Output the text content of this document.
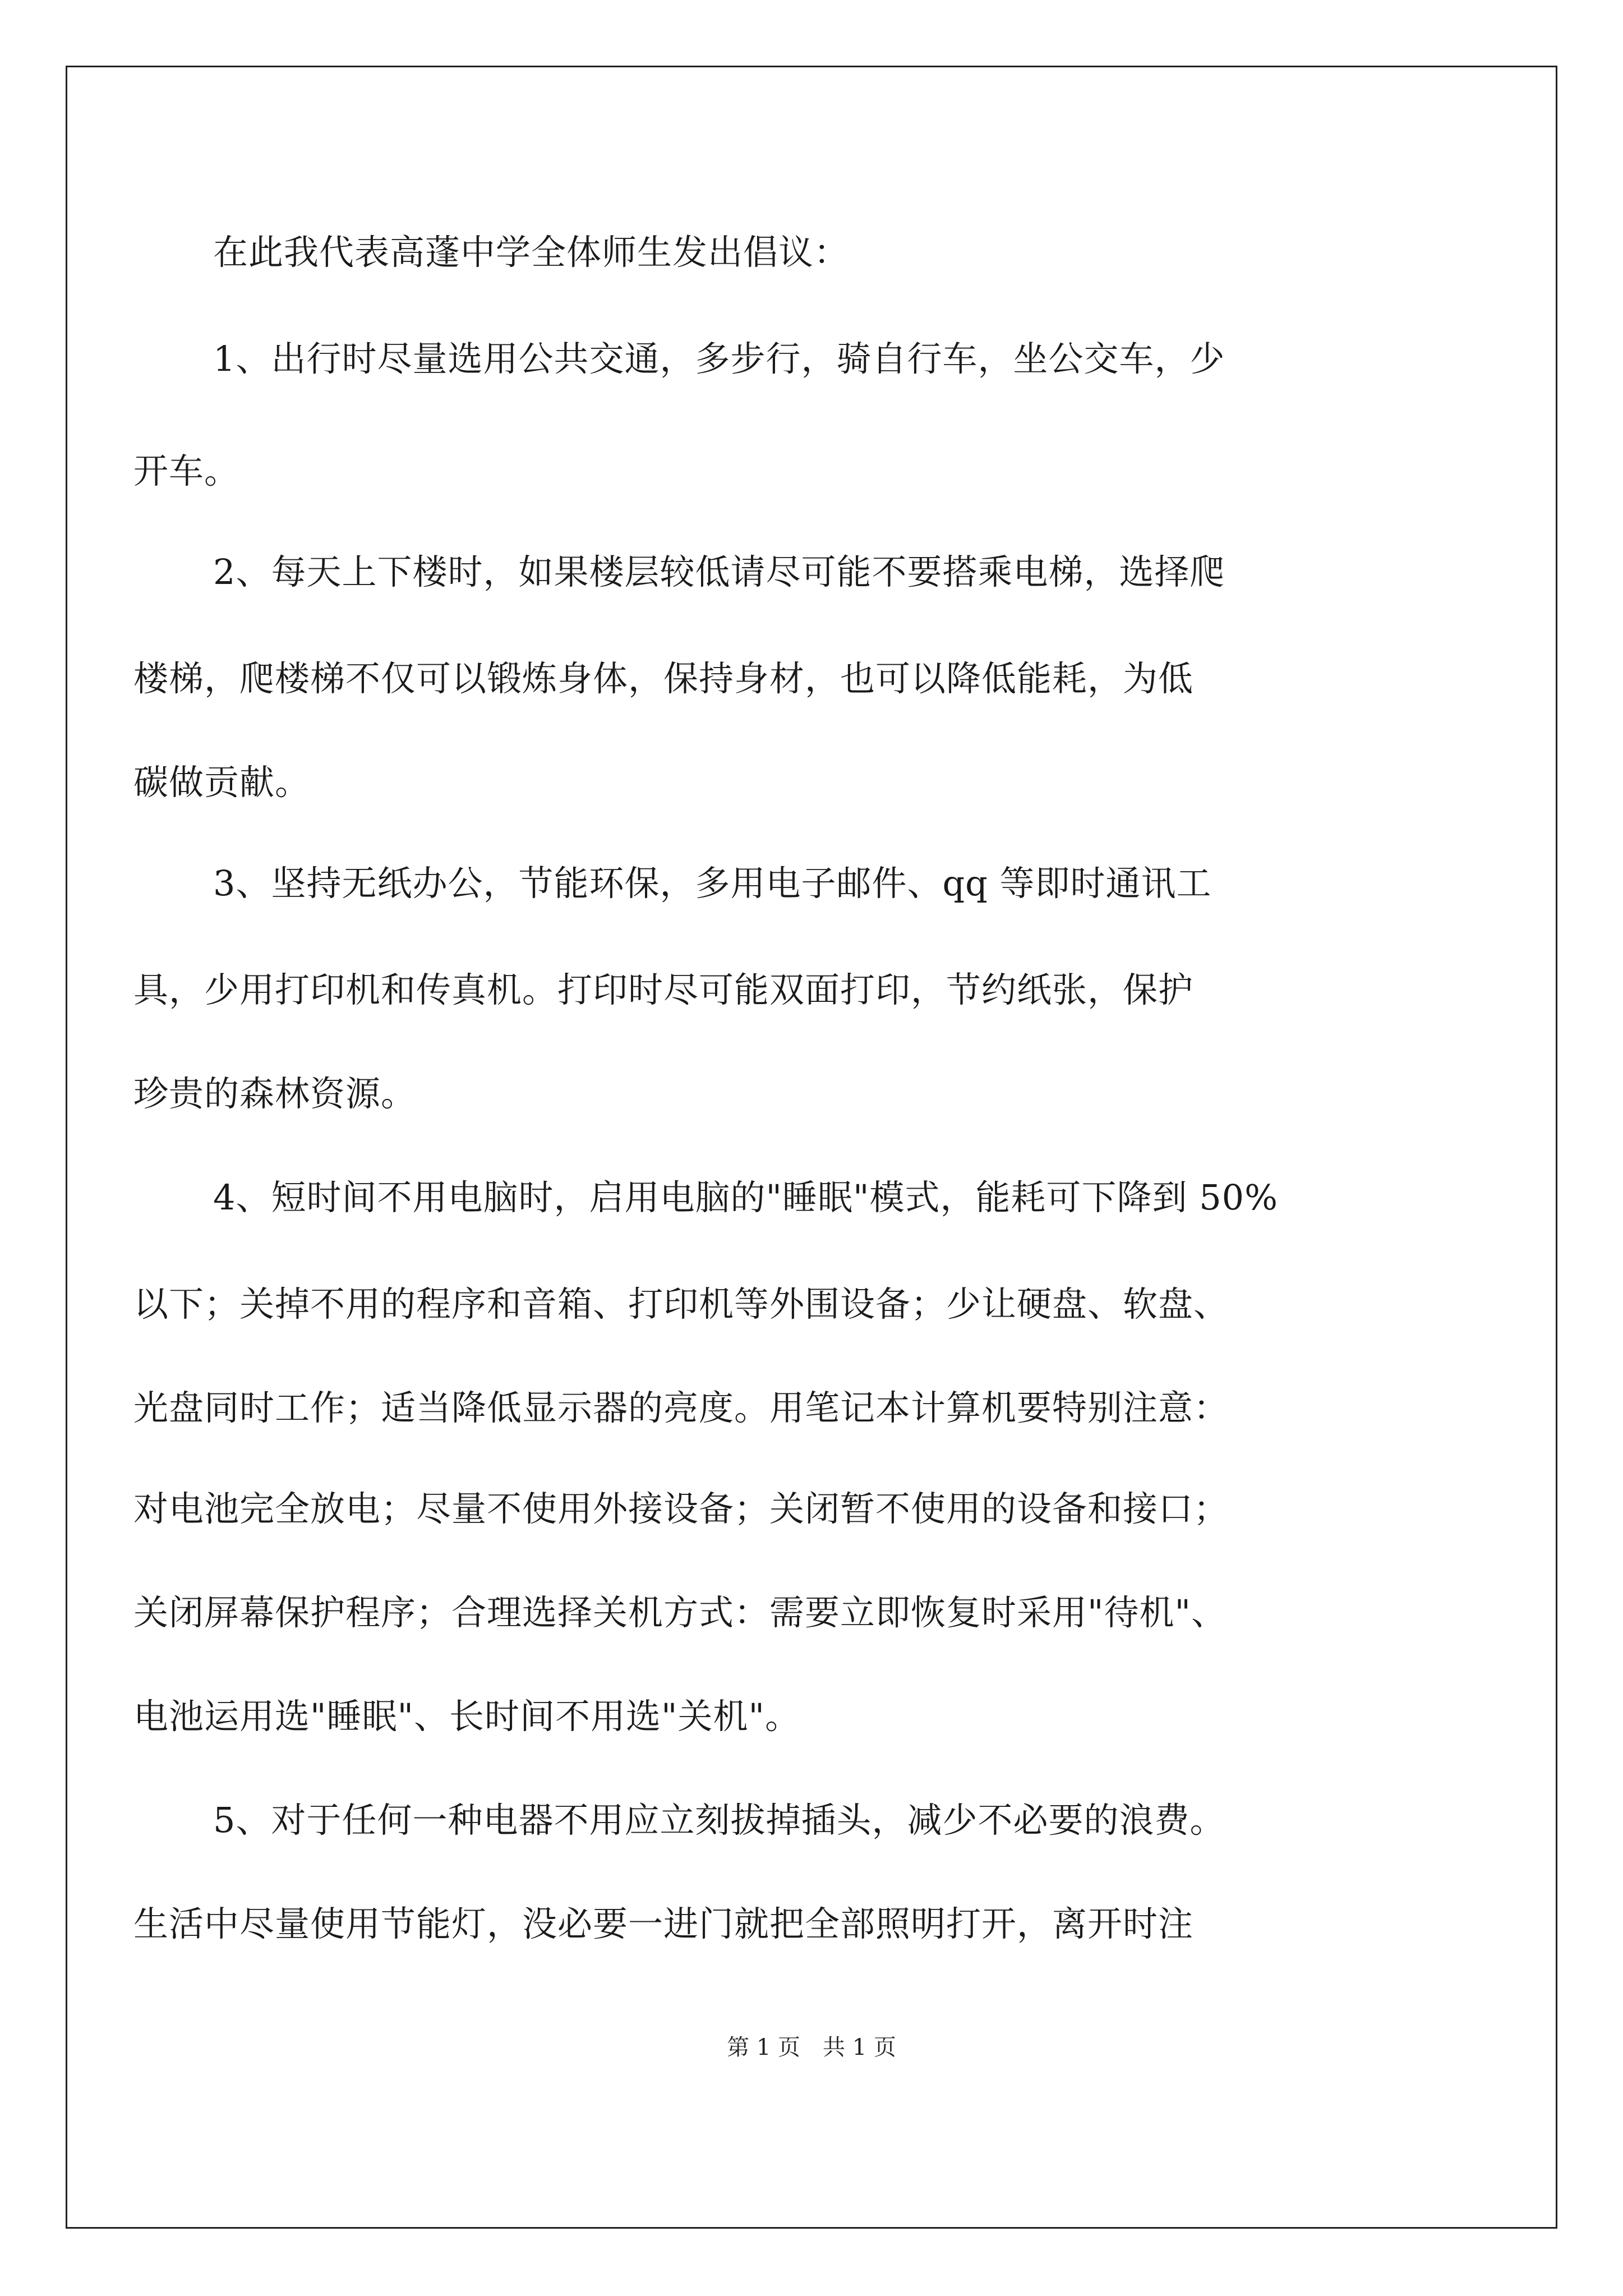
在此我代表高蓬中学全体师生发出倡议：
1、出行时尽量选用公共交通，多步行，骑自行车，坐公交车，少
开车。
2、每天上下楼时，如果楼层较低请尽可能不要搭乘电梯，选择爬
楼梯，爬楼梯不仅可以锻炼身体，保持身材，也可以降低能耗，为低
碳做贡献。
3、坚持无纸办公，节能环保，多用电子邮件、qq 等即时通讯工
具，少用打印机和传真机。打印时尽可能双面打印，节约纸张，保护
珍贵的森林资源。
4、短时间不用电脑时，启用电脑的"睡眠"模式，能耗可下降到 50%
以下；关掉不用的程序和音箱、打印机等外围设备；少让硬盘、软盘、
光盘同时工作；适当降低显示器的亮度。用笔记本计算机要特别注意：
对电池完全放电；尽量不使用外接设备；关闭暂不使用的设备和接口；
关闭屏幕保护程序；合理选择关机方式：需要立即恢复时采用"待机"、
电池运用选"睡眠"、长时间不用选"关机"。
5、对于任何一种电器不用应立刻拔掉插头，减少不必要的浪费。
生活中尽量使用节能灯，没必要一进门就把全部照明打开，离开时注
第 1 页　共 1 页
